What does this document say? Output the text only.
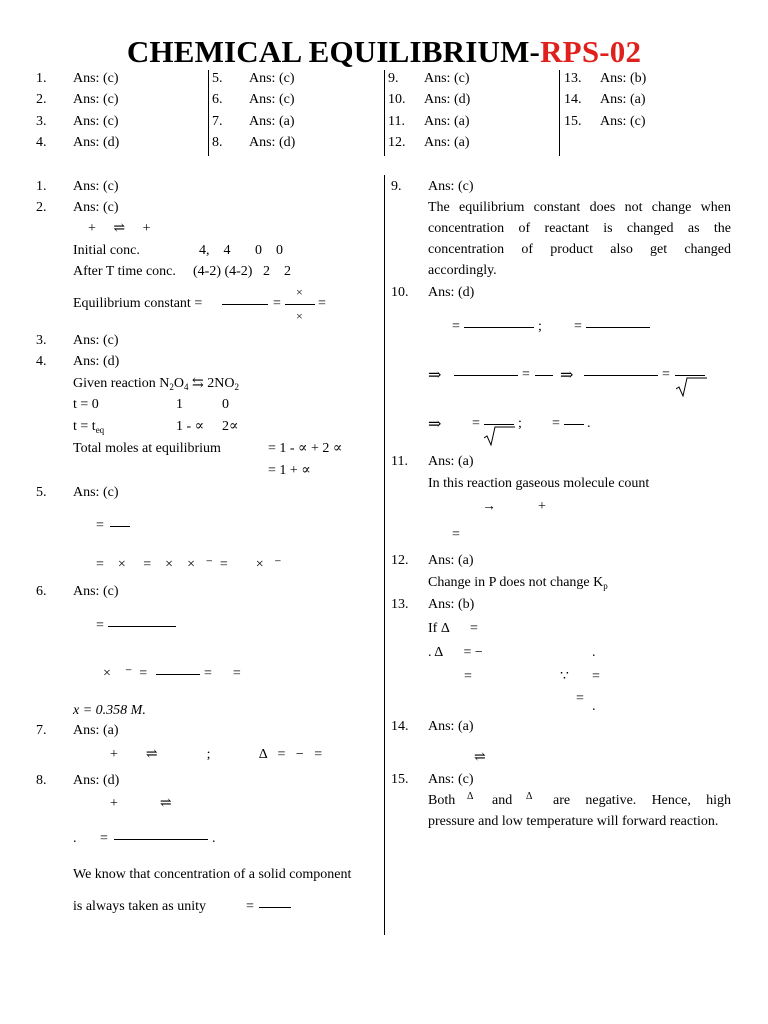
CHEMICAL EQUILIBRIUM-RPS-02
1. Ans: (c)
2. Ans: (c)
3. Ans: (c)
4. Ans: (d)
5. Ans: (c)
6. Ans: (c)
7. Ans: (a)
8. Ans: (d)
9. Ans: (c)
10. Ans: (d)
11. Ans: (a)
12. Ans: (a)
13. Ans: (b)
14. Ans: (a)
15. Ans: (c)
1. Ans: (c)
2. Ans: (c)
+ ⇌ +
Initial conc.	4,    4       0    0
After T time conc. (4-2) (4-2)   2    2
Equilibrium constant =	=
×
×
=
3. Ans: (c)
4. Ans: (d)
Given reaction $N_2O_4$ ⇆ $2NO_2$
t = 0	1	0
$t = t_{eq}$	1 - ∝ 2∝
Total moles at equilibrium	= 1 - ∝ + 2 ∝
= 1 + ∝
5. Ans: (c)
=
=    ×     =    ×    ×   ⁻  =        ×   ⁻
6. Ans: (c)
=
×    ⁻  =	=      =
x = 0.358 M.
7. Ans: (a)
+        ⇌              ;              Δ   =   −   =
8. Ans: (d)
+            ⇌
. =	.
We know that concentration of a solid component
is always taken as unity	=
9. Ans: (c)
The equilibrium constant does not change when concentration of reactant is changed as the concentration of product also get changed accordingly.
10. Ans: (d)
=	; =
⇒	= ⇒	=
⇒ =	; = .
11. Ans: (a)
In this reaction gaseous molecule count
→            +
=
12. Ans: (a)
Change in P does not change $K_p$
13. Ans: (b)
If Δ      =
. Δ      = −	.
=	∵ =
=
.
14. Ans: (a)
⇌
15. Ans: (c)
Both Δ and Δ	are negative. Hence, high pressure and low temperature will forward reaction.
